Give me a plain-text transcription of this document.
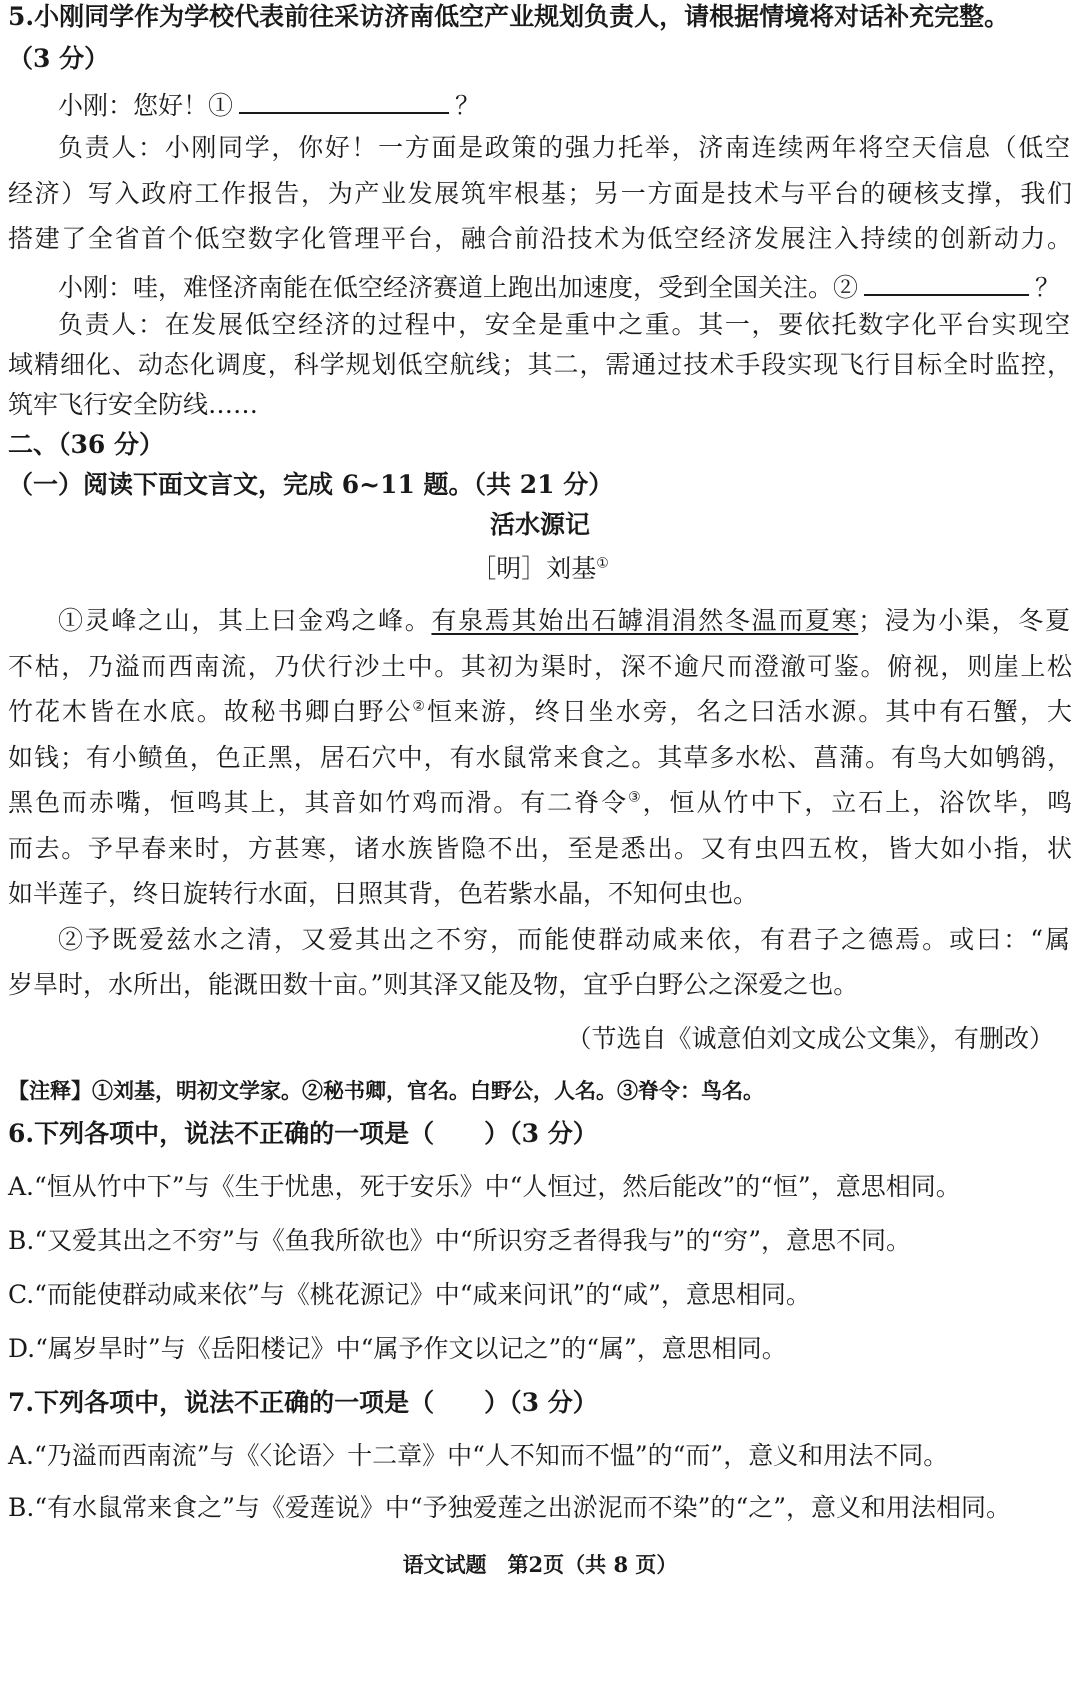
5.小刚同学作为学校代表前往采访济南低空产业规划负责人，请根据情境将对话补充完整。
（3 分）
小刚：您好！①	？
负责人：小刚同学，你好！一方面是政策的强力托举，济南连续两年将空天信息（低空
经济）写入政府工作报告，为产业发展筑牢根基；另一方面是技术与平台的硬核支撑，我们
搭建了全省首个低空数字化管理平台，融合前沿技术为低空经济发展注入持续的创新动力。
小刚：哇，难怪济南能在低空经济赛道上跑出加速度，受到全国关注。②	？
负责人：在发展低空经济的过程中，安全是重中之重。其一，要依托数字化平台实现空
域精细化、动态化调度，科学规划低空航线；其二，需通过技术手段实现飞行目标全时监控，
筑牢飞行安全防线……
二、（36 分）
（一）阅读下面文言文，完成 6~11 题。（共 21 分）
活水源记
［明］刘基①
①灵峰之山，其上曰金鸡之峰。有泉焉其始出石罅涓涓然冬温而夏寒；浸为小渠，冬夏
不枯，乃溢而西南流，乃伏行沙土中。其初为渠时，深不逾尺而澄澈可鉴。俯视，则崖上松
竹花木皆在水底。故秘书卿白野公②恒来游，终日坐水旁，名之曰活水源。其中有石蟹，大
如钱；有小鲼鱼，色正黑，居石穴中，有水鼠常来食之。其草多水松、菖蒲。有鸟大如鸲鹆，
黑色而赤嘴，恒鸣其上，其音如竹鸡而滑。有二脊令③，恒从竹中下，立石上，浴饮毕，鸣
而去。予早春来时，方甚寒，诸水族皆隐不出，至是悉出。又有虫四五枚，皆大如小指，状
如半莲子，终日旋转行水面，日照其背，色若紫水晶，不知何虫也。
②予既爱兹水之清，又爱其出之不穷，而能使群动咸来依，有君子之德焉。或曰：“属
岁旱时，水所出，能溉田数十亩。”则其泽又能及物，宜乎白野公之深爱之也。
（节选自《诚意伯刘文成公文集》，有删改）
【注释】①刘基，明初文学家。②秘书卿，官名。白野公，人名。③脊令：鸟名。
6.下列各项中，说法不正确的一项是（　　）（3 分）
A.“恒从竹中下”与《生于忧患，死于安乐》中“人恒过，然后能改”的“恒”，意思相同。
B.“又爱其出之不穷”与《鱼我所欲也》中“所识穷乏者得我与”的“穷”，意思不同。
C.“而能使群动咸来依”与《桃花源记》中“咸来问讯”的“咸”，意思相同。
D.“属岁旱时”与《岳阳楼记》中“属予作文以记之”的“属”，意思相同。
7.下列各项中，说法不正确的一项是（　　）（3 分）
A.“乃溢而西南流”与《〈论语〉十二章》中“人不知而不愠”的“而”，意义和用法不同。
B.“有水鼠常来食之”与《爱莲说》中“予独爱莲之出淤泥而不染”的“之”，意义和用法相同。
语文试题　第2页（共 8 页）
